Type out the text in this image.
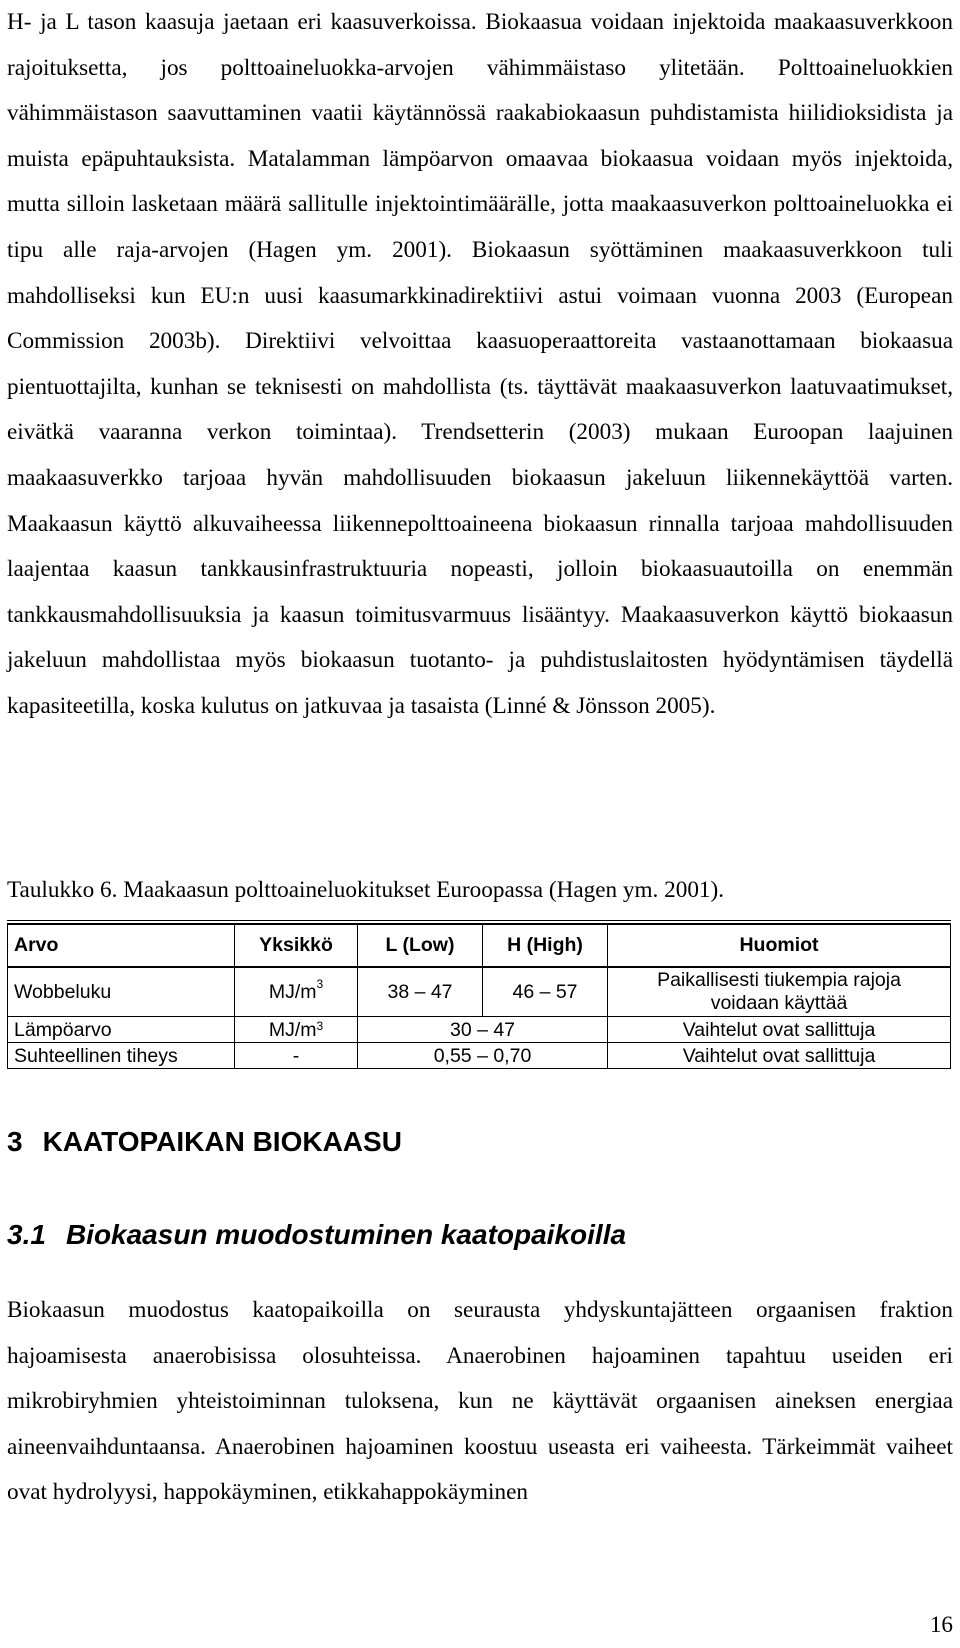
H- ja L tason kaasuja jaetaan eri kaasuverkoissa. Biokaasua voidaan injektoida maakaasuverkkoon rajoituksetta, jos polttoaineluokka-arvojen vähimmäistaso ylitetään. Polttoaineluokkien vähimmäistason saavuttaminen vaatii käytännössä raakabiokaasun puhdistamista hiilidioksidista ja muista epäpuhtauksista. Matalamman lämpöarvon omaavaa biokaasua voidaan myös injektoida, mutta silloin lasketaan määrä sallitulle injektointimäärälle, jotta maakaasuverkon polttoaineluokka ei tipu alle raja-arvojen (Hagen ym. 2001). Biokaasun syöttäminen maakaasuverkkoon tuli mahdolliseksi kun EU:n uusi kaasumarkkinadirektiivi astui voimaan vuonna 2003 (European Commission 2003b). Direktiivi velvoittaa kaasuoperaattoreita vastaanottamaan biokaasua pientuottajilta, kunhan se teknisesti on mahdollista (ts. täyttävät maakaasuverkon laatuvaatimukset, eivätkä vaaranna verkon toimintaa). Trendsetterin (2003) mukaan Euroopan laajuinen maakaasuverkko tarjoaa hyvän mahdollisuuden biokaasun jakeluun liikennekäyttöä varten. Maakaasun käyttö alkuvaiheessa liikennepolttoaineena biokaasun rinnalla tarjoaa mahdollisuuden laajentaa kaasun tankkausinfrastruktuuria nopeasti, jolloin biokaasuautoilla on enemmän tankkausmahdollisuuksia ja kaasun toimitusvarmuus lisääntyy. Maakaasuverkon käyttö biokaasun jakeluun mahdollistaa myös biokaasun tuotanto- ja puhdistuslaitosten hyödyntämisen täydellä kapasiteetilla, koska kulutus on jatkuvaa ja tasaista (Linné & Jönsson 2005).

Taulukko 6. Maakaasun polttoaineluokitukset Euroopassa (Hagen ym. 2001).
Arvo	Yksikkö	L (Low)	H (High)	Huomiot
Wobbeluku	$MJ/m^3$	38 – 47	46 – 57	Paikallisesti tiukempia rajoja
voidaan käyttää

Lämpöarvo	$MJ/m^3$	30 – 47		Vaihtelut ovat sallittuja
Suhteellinen tiheys	-	0,55 – 0,70		Vaihtelut ovat sallittuja
3 KAATOPAIKAN BIOKAASU
3.1 Biokaasun muodostuminen kaatopaikoilla

Biokaasun muodostus kaatopaikoilla on seurausta yhdyskuntajätteen orgaanisen fraktion hajoamisesta anaerobisissa olosuhteissa. Anaerobinen hajoaminen tapahtuu useiden eri mikrobiryhmien yhteistoiminnan tuloksena, kun ne käyttävät orgaanisen aineksen energiaa aineenvaihduntaansa. Anaerobinen hajoaminen koostuu useasta eri vaiheesta. Tärkeimmät vaiheet ovat hydrolyysi, happokäyminen, etikkahappokäyminen

16
